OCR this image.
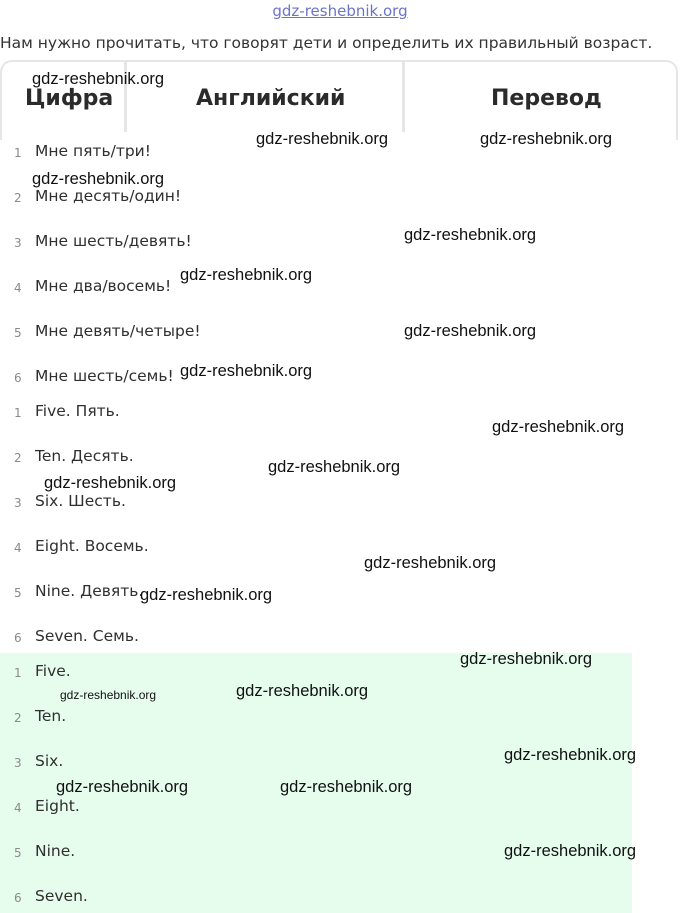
gdz-reshebnik.org
Нам нужно прочитать, что говорят дети и определить их правильный возраст.
Цифра	Английский	Перевод
1 Мне пять/три!
2 Мне десять/один!
3 Мне шесть/девять!
4 Мне два/восемь!
5 Мне девять/четыре!
6 Мне шесть/семь!
1 Five. Пять.
2 Ten. Десять.
3 Six. Шесть.
4 Eight. Восемь.
5 Nine. Девять.
6 Seven. Семь.
1 Five.
2 Ten.
3 Six.
4 Eight.
5 Nine.
6 Seven.
gdz-reshebnik.org
gdz-reshebnik.org	gdz-reshebnik.org
gdz-reshebnik.org
gdz-reshebnik.org
gdz-reshebnik.org
gdz-reshebnik.org
gdz-reshebnik.org
gdz-reshebnik.org
gdz-reshebnik.org
gdz-reshebnik.org
gdz-reshebnik.org
gdz-reshebnik.org
gdz-reshebnik.org
gdz-reshebnik.org	gdz-reshebnik.org
gdz-reshebnik.org
gdz-reshebnik.org	gdz-reshebnik.org
gdz-reshebnik.org
